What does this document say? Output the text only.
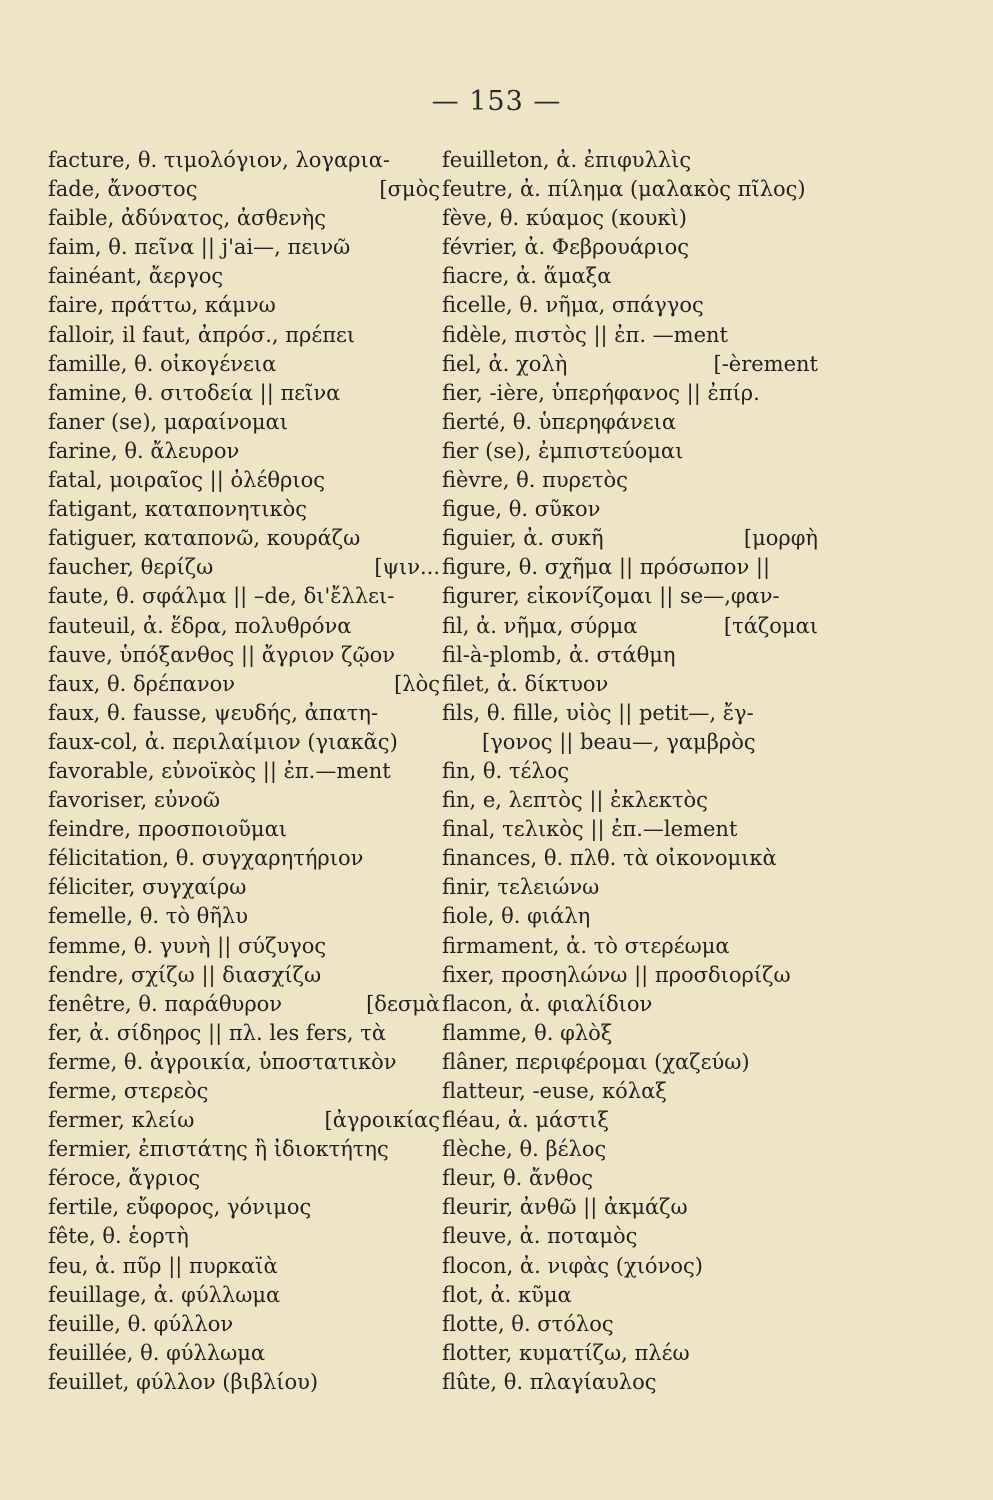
— 153 —
facture, θ. τιμολόγιον, λογαρια-
fade, ἄνοστος	[σμὸς
faible, ἀδύνατος, ἀσθενὴς
faim, θ. πεῖνα || j'ai—, πεινῶ
fainéant, ἄεργος
faire, πράττω, κάμνω
falloir, il faut, ἀπρόσ., πρέπει
famille, θ. οἰκογένεια
famine, θ. σιτοδεία || πεῖνα
faner (se), μαραίνομαι
farine, θ. ἄλευρον
fatal, μοιραῖος || ὀλέθριος
fatigant, καταπονητικὸς
fatiguer, καταπονῶ, κουράζω
faucher, θερίζω	[ψιν...
faute, θ. σφάλμα || –de, δι'ἔλλει-
fauteuil, ἀ. ἕδρα, πολυθρόνα
fauve, ὑπόξανθος || ἄγριον ζῷον
faux, θ. δρέπανον	[λὸς
faux, θ. fausse, ψευδής, ἀπατη-
faux-col, ἀ. περιλαίμιον (γιακᾶς)
favorable, εὐνοϊκὸς || ἐπ.—ment
favoriser, εὐνοῶ
feindre, προσποιοῦμαι
félicitation, θ. συγχαρητήριον
féliciter, συγχαίρω
femelle, θ. τὸ θῆλυ
femme, θ. γυνὴ || σύζυγος
fendre, σχίζω || διασχίζω
fenêtre, θ. παράθυρον	[δεσμὰ
fer, ἀ. σίδηρος || πλ. les fers, τὰ
ferme, θ. ἀγροικία, ὑποστατικὸν
ferme, στερεὸς
fermer, κλείω	[ἀγροικίας
fermier, ἐπιστάτης ἢ ἰδιοκτήτης
féroce, ἄγριος
fertile, εὔφορος, γόνιμος
fête, θ. ἑορτὴ
feu, ἀ. πῦρ || πυρκαϊὰ
feuillage, ἀ. φύλλωμα
feuille, θ. φύλλον
feuillée, θ. φύλλωμα
feuillet, φύλλον (βιβλίου)
feuilleton, ἀ. ἐπιφυλλὶς
feutre, ἀ. πίλημα (μαλακὸς πῖλος)
fève, θ. κύαμος (κουκὶ)
février, ἀ. Φεβρουάριος
fiacre, ἀ. ἅμαξα
ficelle, θ. νῆμα, σπάγγος
fidèle, πιστὸς || ἐπ. —ment
fiel, ἀ. χολὴ	[-èrement
fier, -ière, ὑπερήφανος || ἐπίρ.
fierté, θ. ὑπερηφάνεια
fier (se), ἐμπιστεύομαι
fièvre, θ. πυρετὸς
figue, θ. σῦκον
figuier, ἀ. συκῆ	[μορφὴ
figure, θ. σχῆμα || πρόσωπον ||
figurer, εἰκονίζομαι || se—,φαν-
fil, ἀ. νῆμα, σύρμα	[τάζομαι
fil-à-plomb, ἀ. στάθμη
filet, ἀ. δίκτυον
fils, θ. fille, υἱὸς || petit—, ἔγ-
[γονος || beau—, γαμβρὸς
fin, θ. τέλος
fin, e, λεπτὸς || ἐκλεκτὸς
final, τελικὸς || ἐπ.—lement
finances, θ. πλθ. τὰ οἰκονομικὰ
finir, τελειώνω
fiole, θ. φιάλη
firmament, ἀ. τὸ στερέωμα
fixer, προσηλώνω || προσδιορίζω
flacon, ἀ. φιαλίδιον
flamme, θ. φλὸξ
flâner, περιφέρομαι (χαζεύω)
flatteur, -euse, κόλαξ
fléau, ἀ. μάστιξ
flèche, θ. βέλος
fleur, θ. ἄνθος
fleurir, ἀνθῶ || ἀκμάζω
fleuve, ἀ. ποταμὸς
flocon, ἀ. νιφὰς (χιόνος)
flot, ἀ. κῦμα
flotte, θ. στόλος
flotter, κυματίζω, πλέω
flûte, θ. πλαγίαυλος
